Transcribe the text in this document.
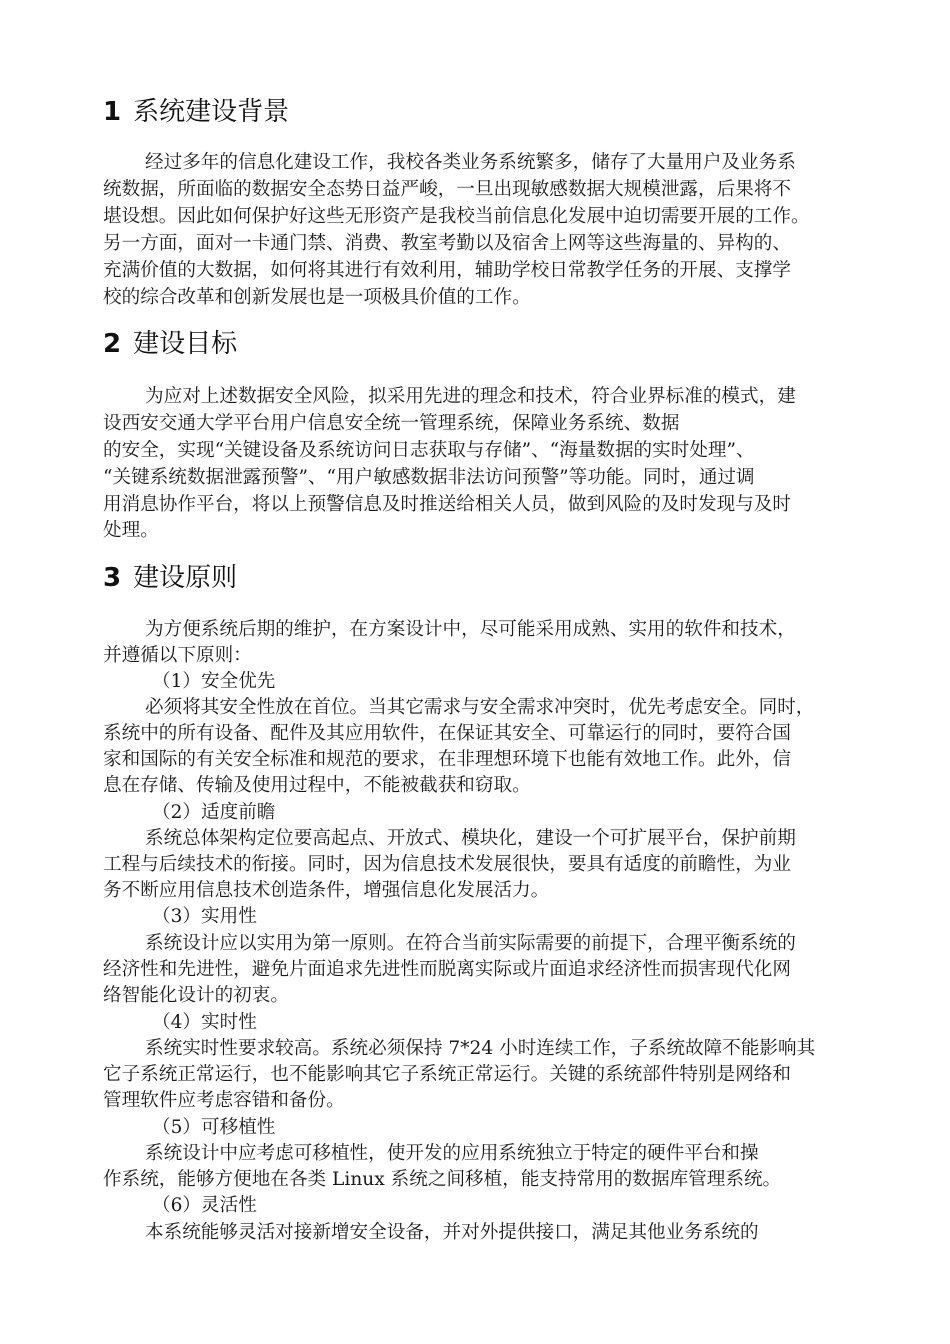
1 系统建设背景
经过多年的信息化建设工作，我校各类业务系统繁多，储存了大量用户及业务系
统数据，所面临的数据安全态势日益严峻，一旦出现敏感数据大规模泄露，后果将不
堪设想。因此如何保护好这些无形资产是我校当前信息化发展中迫切需要开展的工作。
另一方面，面对一卡通门禁、消费、教室考勤以及宿舍上网等这些海量的、异构的、
充满价值的大数据，如何将其进行有效利用，辅助学校日常教学任务的开展、支撑学
校的综合改革和创新发展也是一项极具价值的工作。
2 建设目标
为应对上述数据安全风险，拟采用先进的理念和技术，符合业界标准的模式，建
设西安交通大学平台用户信息安全统一管理系统，保障业务系统、数据
的安全，实现“关键设备及系统访问日志获取与存储”、“海量数据的实时处理”、
“关键系统数据泄露预警”、“用户敏感数据非法访问预警”等功能。同时，通过调
用消息协作平台，将以上预警信息及时推送给相关人员，做到风险的及时发现与及时
处理。
3 建设原则
为方便系统后期的维护，在方案设计中，尽可能采用成熟、实用的软件和技术，
并遵循以下原则：
（1）安全优先
必须将其安全性放在首位。当其它需求与安全需求冲突时，优先考虑安全。同时，
系统中的所有设备、配件及其应用软件，在保证其安全、可靠运行的同时，要符合国
家和国际的有关安全标准和规范的要求，在非理想环境下也能有效地工作。此外，信
息在存储、传输及使用过程中，不能被截获和窃取。
（2）适度前瞻
系统总体架构定位要高起点、开放式、模块化，建设一个可扩展平台，保护前期
工程与后续技术的衔接。同时，因为信息技术发展很快，要具有适度的前瞻性，为业
务不断应用信息技术创造条件，增强信息化发展活力。
（3）实用性
系统设计应以实用为第一原则。在符合当前实际需要的前提下，合理平衡系统的
经济性和先进性，避免片面追求先进性而脱离实际或片面追求经济性而损害现代化网
络智能化设计的初衷。
（4）实时性
系统实时性要求较高。系统必须保持 7*24 小时连续工作，子系统故障不能影响其
它子系统正常运行，也不能影响其它子系统正常运行。关键的系统部件特别是网络和
管理软件应考虑容错和备份。
（5）可移植性
系统设计中应考虑可移植性，使开发的应用系统独立于特定的硬件平台和操
作系统，能够方便地在各类 Linux 系统之间移植，能支持常用的数据库管理系统。
（6）灵活性
本系统能够灵活对接新增安全设备，并对外提供接口，满足其他业务系统的
